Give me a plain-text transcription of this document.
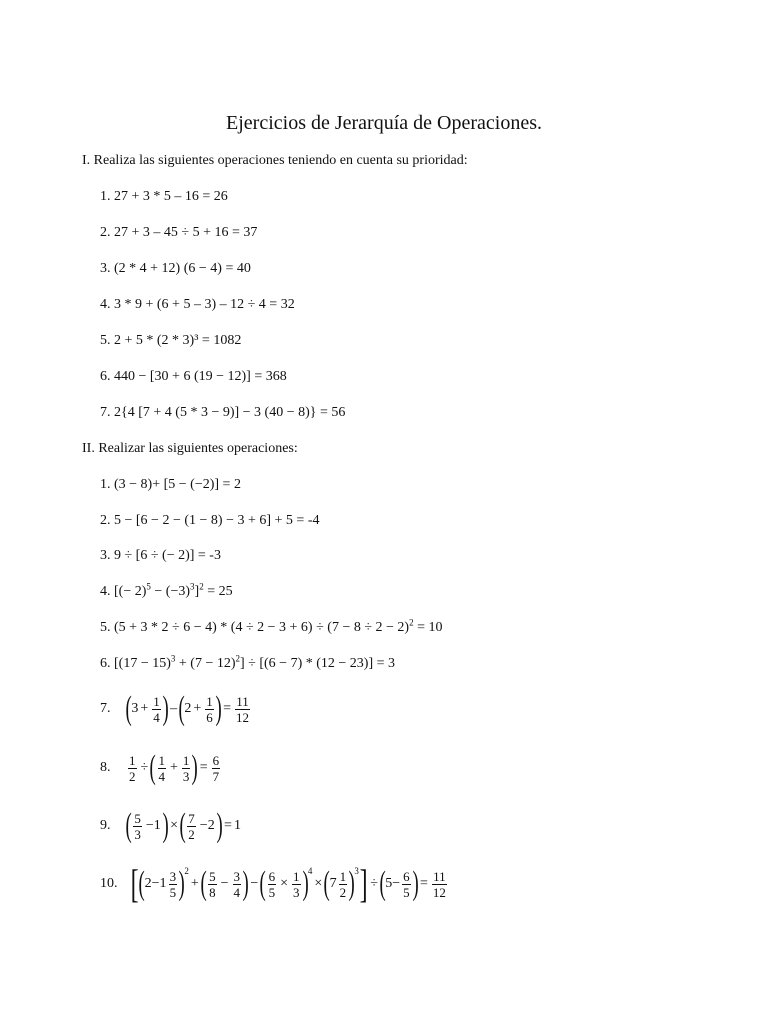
Ejercicios de Jerarquía de Operaciones.
I. Realiza las siguientes operaciones teniendo en cuenta su prioridad:
1. 27 + 3 * 5 – 16 = 26
2. 27 + 3 – 45 ÷ 5 + 16 = 37
3. (2 * 4 + 12) (6 − 4) = 40
4. 3 * 9 + (6 + 5 – 3) – 12 ÷ 4 = 32
5. 2 + 5 * (2 * 3)³ = 1082
6. 440 − [30 + 6 (19 − 12)] = 368
7. 2{4 [7 + 4 (5 * 3 − 9)] − 3 (40 − 8)} = 56
II. Realizar las siguientes operaciones:
1. (3 − 8)+ [5 − (−2)] = 2
2. 5 − [6 − 2 − (1 − 8) − 3 + 6] + 5 = -4
3. 9 ÷ [6 ÷ (− 2)] = -3
4. [(− $2)^5 - (-3)^3]^2 = 25$
5. $(5 + 3 * 2 \div 6 - 4) * (4 \div 2 - 3 + 6) \div (7 - 8 \div 2 - 2)^2 = 10$
6. $[(17 - 15)^3 + (7 - 12)^2] \div [(6 - 7) * (12 - 23)] = 3$
7. ( $3 + \frac{1}{4}$ ) – ( $2 + \frac{1}{6}$ ) = $\frac{11}{12}$
8.	$\frac{1}{2}$ ÷ ( $\frac{1}{4} + \frac{1}{3}$ ) = $\frac{6}{7}$
9. ( $\frac{5}{3} -1$ ) × ( $\frac{7}{2} -2$ ) = 1
10. [ ( $2-1 \frac{3}{5}$ ) 2
+ ( $\frac{5}{8} - \frac{3}{4}$ ) − ( $\frac{6}{5} \times \frac{1}{3}$ ) 4
× ( $7 \frac{1}{2}$ ) 3 ] ÷ ( $5- \frac{6}{5}$ ) = $\frac{11}{12}$
